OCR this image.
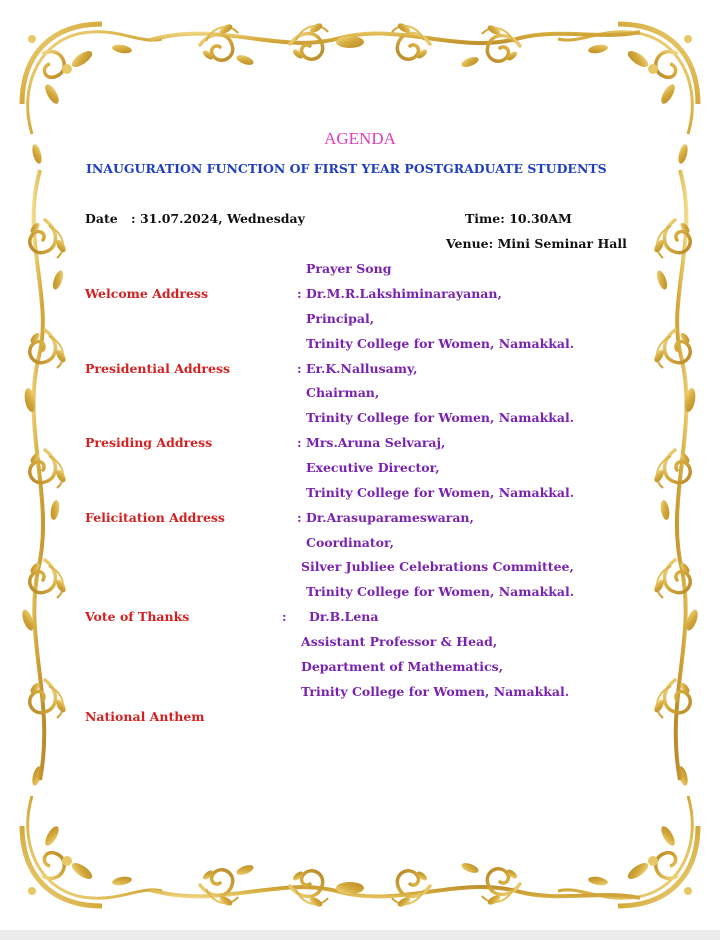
AGENDA
INAUGURATION FUNCTION OF FIRST YEAR POSTGRADUATE STUDENTS
Date : 31.07.2024, Wednesday	Time: 10.30AM
Venue: Mini Seminar Hall
Prayer Song
Welcome Address	: Dr.M.R.Lakshiminarayanan,
Principal,
Trinity College for Women, Namakkal.
Presidential Address	: Er.K.Nallusamy,
Chairman,
Trinity College for Women, Namakkal.
Presiding Address	: Mrs.Aruna Selvaraj,
Executive Director,
Trinity College for Women, Namakkal.
Felicitation Address	: Dr.Arasuparameswaran,
Coordinator,
Silver Jubliee Celebrations Committee,
Trinity College for Women, Namakkal.
Vote of Thanks	: Dr.B.Lena
Assistant Professor & Head,
Department of Mathematics,
Trinity College for Women, Namakkal.
National Anthem
